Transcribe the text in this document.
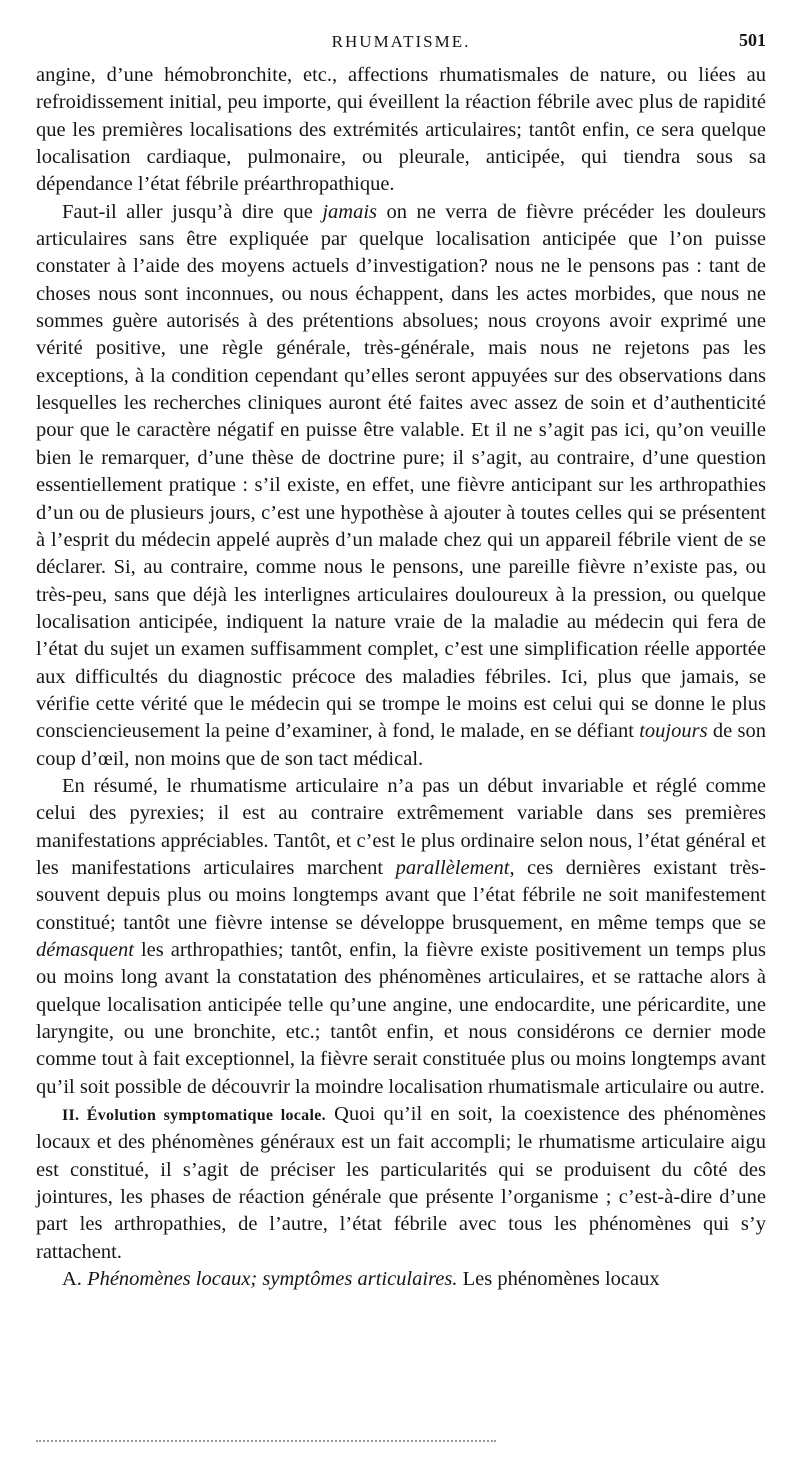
RHUMATISME.	501

angine, d’une hémobronchite, etc., affections rhumatismales de nature, ou liées au refroidissement initial, peu importe, qui éveillent la réaction fébrile avec plus de rapidité que les premières localisations des extrémités articulaires; tantôt enfin, ce sera quelque localisation cardiaque, pulmonaire, ou pleurale, anticipée, qui tiendra sous sa dépendance l’état fébrile préarthropathique.

Faut-il aller jusqu’à dire que jamais on ne verra de fièvre précéder les douleurs articulaires sans être expliquée par quelque localisation anticipée que l’on puisse constater à l’aide des moyens actuels d’investigation? nous ne le pensons pas : tant de choses nous sont inconnues, ou nous échappent, dans les actes morbides, que nous ne sommes guère autorisés à des prétentions absolues; nous croyons avoir exprimé une vérité positive, une règle générale, très-générale, mais nous ne rejetons pas les exceptions, à la condition cependant qu’elles seront appuyées sur des observations dans lesquelles les recherches cliniques auront été faites avec assez de soin et d’authenticité pour que le caractère négatif en puisse être valable. Et il ne s’agit pas ici, qu’on veuille bien le remarquer, d’une thèse de doctrine pure; il s’agit, au contraire, d’une question essentiellement pratique : s’il existe, en effet, une fièvre anticipant sur les arthropathies d’un ou de plusieurs jours, c’est une hypothèse à ajouter à toutes celles qui se présentent à l’esprit du médecin appelé auprès d’un malade chez qui un appareil fébrile vient de se déclarer. Si, au contraire, comme nous le pensons, une pareille fièvre n’existe pas, ou très-peu, sans que déjà les interlignes articulaires douloureux à la pression, ou quelque localisation anticipée, indiquent la nature vraie de la maladie au médecin qui fera de l’état du sujet un examen suffisamment complet, c’est une simplification réelle apportée aux difficultés du diagnostic précoce des maladies fébriles. Ici, plus que jamais, se vérifie cette vérité que le médecin qui se trompe le moins est celui qui se donne le plus consciencieusement la peine d’examiner, à fond, le malade, en se défiant toujours de son coup d’œil, non moins que de son tact médical.

En résumé, le rhumatisme articulaire n’a pas un début invariable et réglé comme celui des pyrexies; il est au contraire extrêmement variable dans ses premières manifestations appréciables. Tantôt, et c’est le plus ordinaire selon nous, l’état général et les manifestations articulaires marchent parallèlement, ces dernières existant très-souvent depuis plus ou moins longtemps avant que l’état fébrile ne soit manifestement constitué; tantôt une fièvre intense se développe brusquement, en même temps que se démasquent les arthropathies; tantôt, enfin, la fièvre existe positivement un temps plus ou moins long avant la constatation des phénomènes articulaires, et se rattache alors à quelque localisation anticipée telle qu’une angine, une endocardite, une péricardite, une laryngite, ou une bronchite, etc.; tantôt enfin, et nous considérons ce dernier mode comme tout à fait exceptionnel, la fièvre serait constituée plus ou moins longtemps avant qu’il soit possible de découvrir la moindre localisation rhumatismale articulaire ou autre.

II. Évolution symptomatique locale. Quoi qu’il en soit, la coexistence des phénomènes locaux et des phénomènes généraux est un fait accompli; le rhumatisme articulaire aigu est constitué, il s’agit de préciser les particularités qui se produisent du côté des jointures, les phases de réaction générale que présente l’organisme ; c’est-à-dire d’une part les arthropathies, de l’autre, l’état fébrile avec tous les phénomènes qui s’y rattachent.

A. Phénomènes locaux; symptômes articulaires. Les phénomènes locaux
